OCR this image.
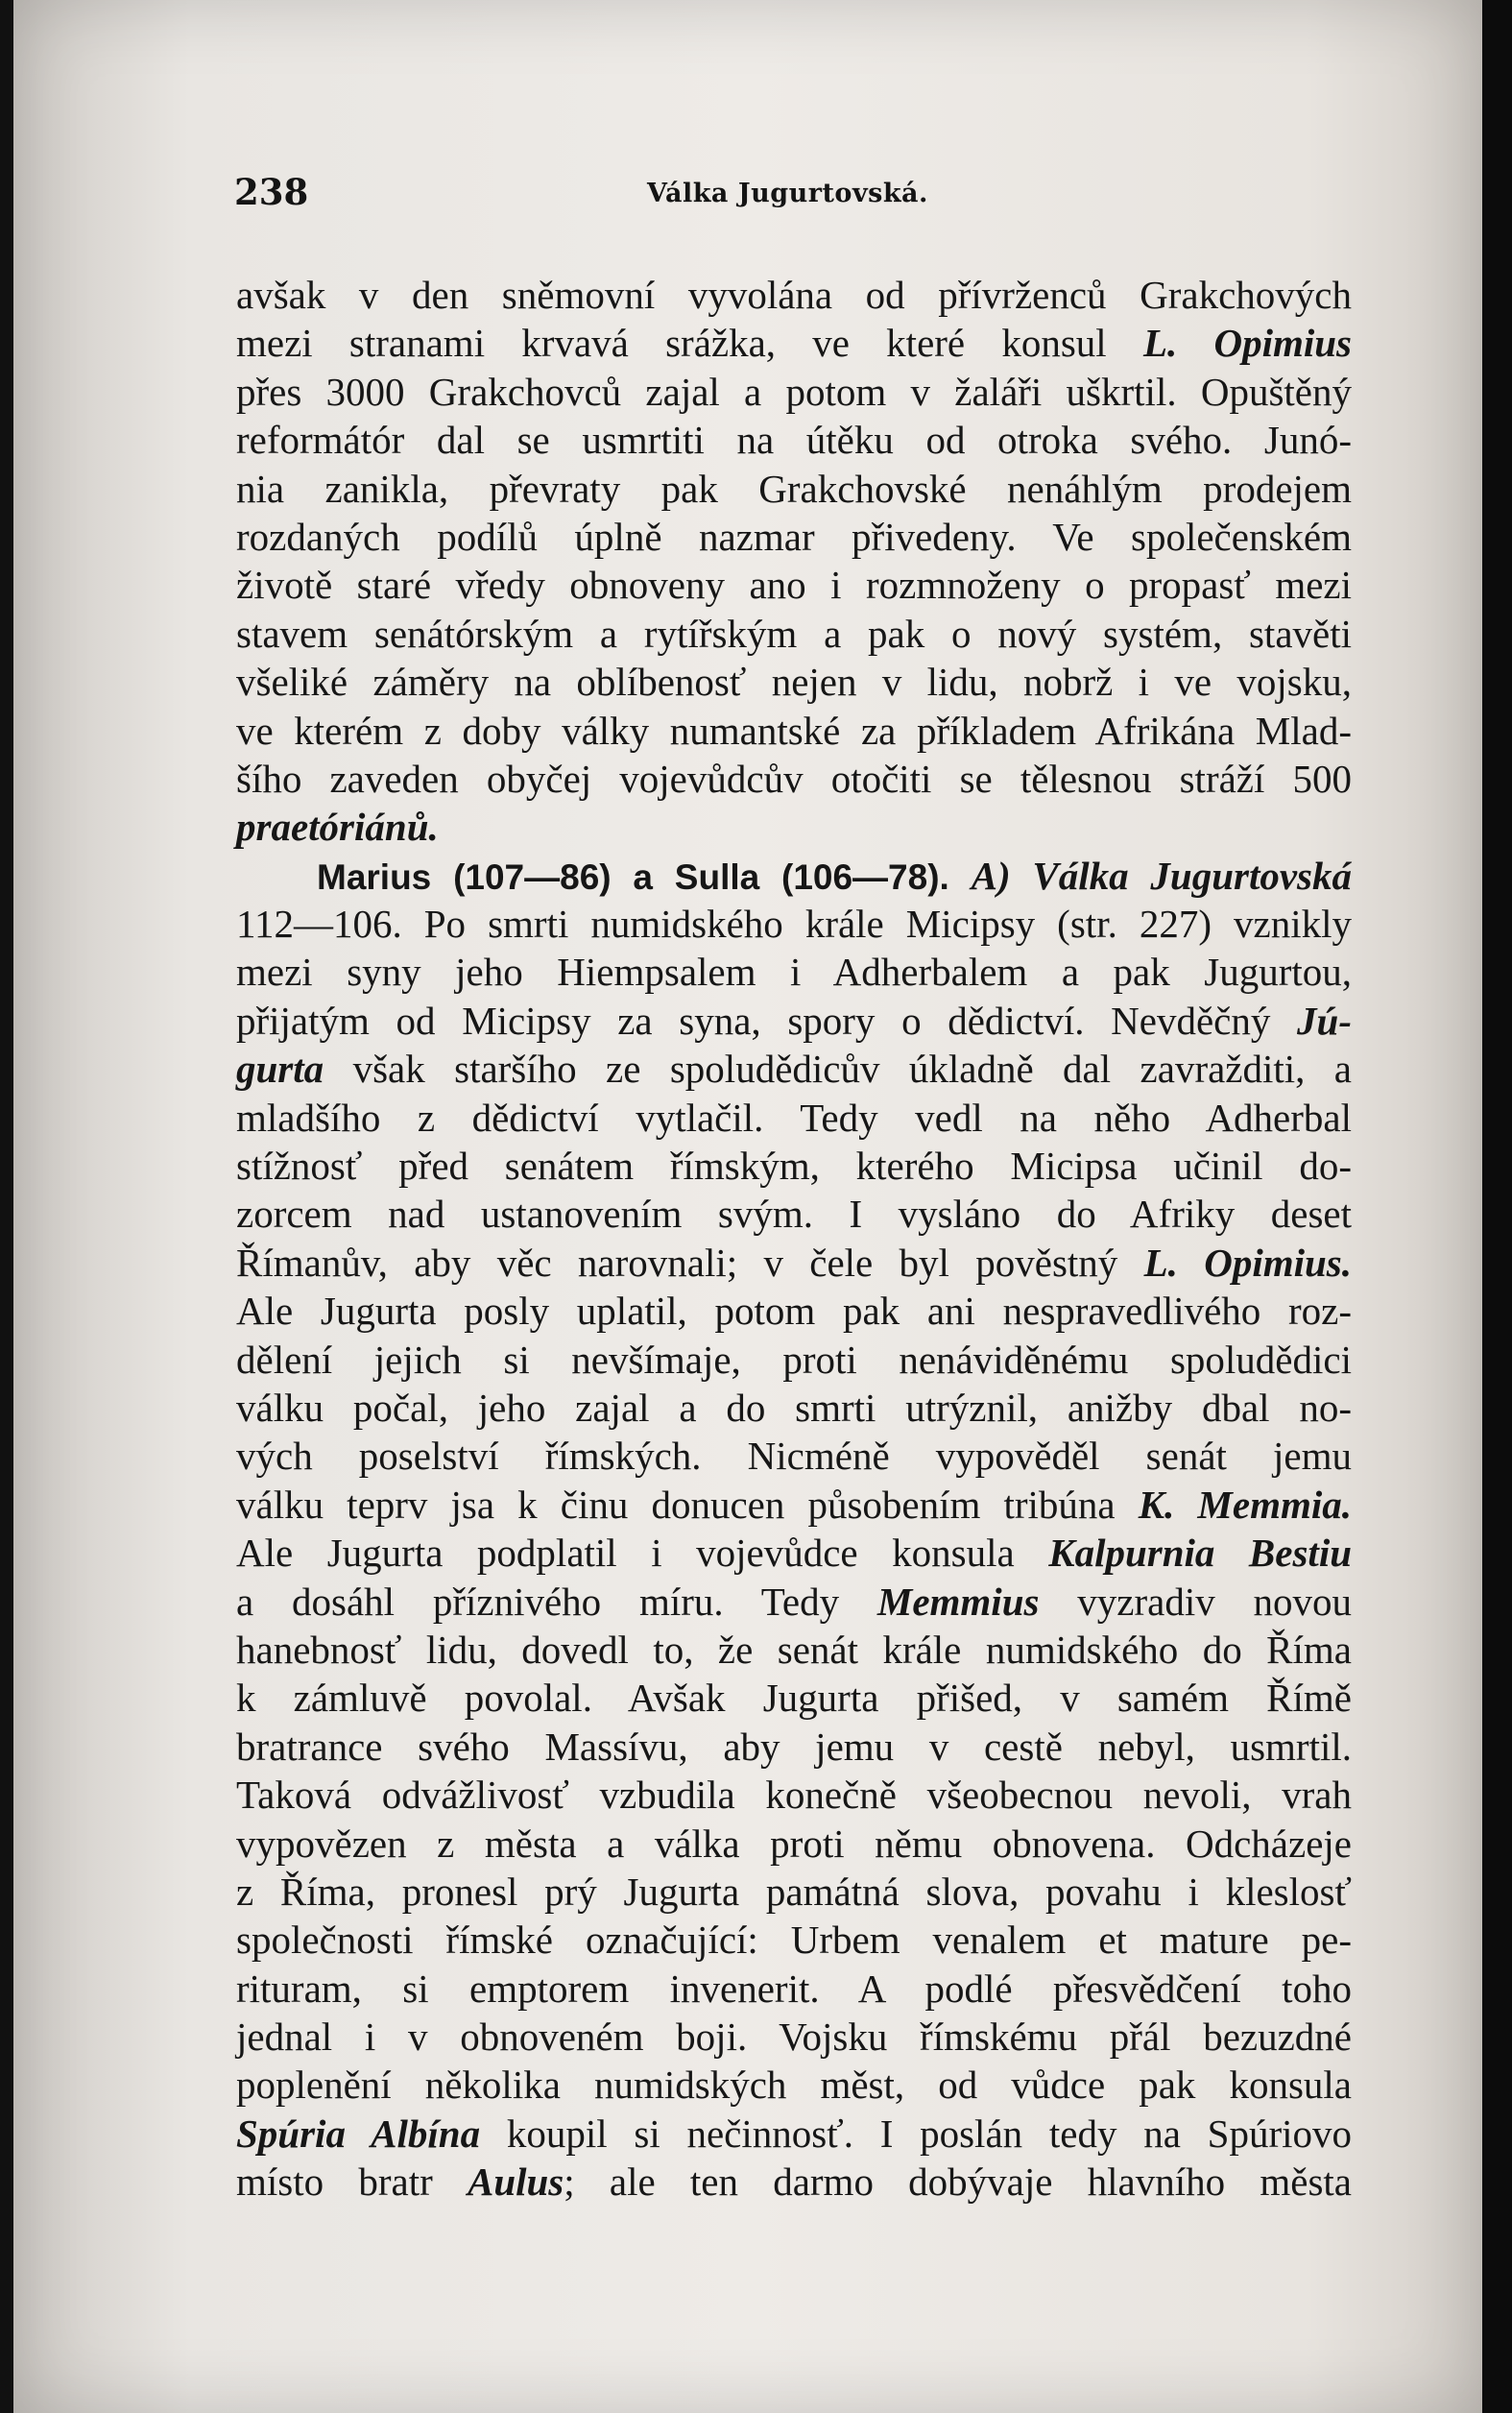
238	Válka Jugurtovská.
avšak v den sněmovní vyvolána od přívrženců Grakchových
mezi stranami krvavá srážka, ve které konsul L. Opimius
přes 3000 Grakchovců zajal a potom v žaláři uškrtil. Opuštěný
reformátór dal se usmrtiti na útěku od otroka svého. Junó-
nia zanikla, převraty pak Grakchovské nenáhlým prodejem
rozdaných podílů úplně nazmar přivedeny. Ve společenském
životě staré vředy obnoveny ano i rozmnoženy o propasť mezi
stavem senátórským a rytířským a pak o nový systém, stavěti
všeliké záměry na oblíbenosť nejen v lidu, nobrž i ve vojsku,
ve kterém z doby války numantské za příkladem Afrikána Mlad-
šího zaveden obyčej vojevůdcův otočiti se tělesnou stráží 500
praetóriánů.
Marius (107—86) a Sulla (106—78). A) Válka Jugurtovská
112—106. Po smrti numidského krále Micipsy (str. 227) vznikly
mezi syny jeho Hiempsalem i Adherbalem a pak Jugurtou,
přijatým od Micipsy za syna, spory o dědictví. Nevděčný Jú-
gurta však staršího ze spoludědicův úkladně dal zavražditi, a
mladšího z dědictví vytlačil. Tedy vedl na něho Adherbal
stížnosť před senátem římským, kterého Micipsa učinil do-
zorcem nad ustanovením svým. I vysláno do Afriky deset
Římanův, aby věc narovnali; v čele byl pověstný L. Opimius.
Ale Jugurta posly uplatil, potom pak ani nespravedlivého roz-
dělení jejich si nevšímaje, proti nenáviděnému spoludědici
válku počal, jeho zajal a do smrti utrýznil, anižby dbal no-
vých poselství římských. Nicméně vypověděl senát jemu
válku teprv jsa k činu donucen působením tribúna K. Memmia.
Ale Jugurta podplatil i vojevůdce konsula Kalpurnia Bestiu
a dosáhl příznivého míru. Tedy Memmius vyzradiv novou
hanebnosť lidu, dovedl to, že senát krále numidského do Říma
k zámluvě povolal. Avšak Jugurta přišed, v samém Římě
bratrance svého Massívu, aby jemu v cestě nebyl, usmrtil.
Taková odvážlivosť vzbudila konečně všeobecnou nevoli, vrah
vypovězen z města a válka proti němu obnovena. Odcházeje
z Říma, pronesl prý Jugurta památná slova, povahu i kleslosť
společnosti římské označující: Urbem venalem et mature pe-
rituram, si emptorem invenerit. A podlé přesvědčení toho
jednal i v obnoveném boji. Vojsku římskému přál bezuzdné
poplenění několika numidských měst, od vůdce pak konsula
Spúria Albína koupil si nečinnosť. I poslán tedy na Spúriovo
místo bratr Aulus; ale ten darmo dobývaje hlavního města
